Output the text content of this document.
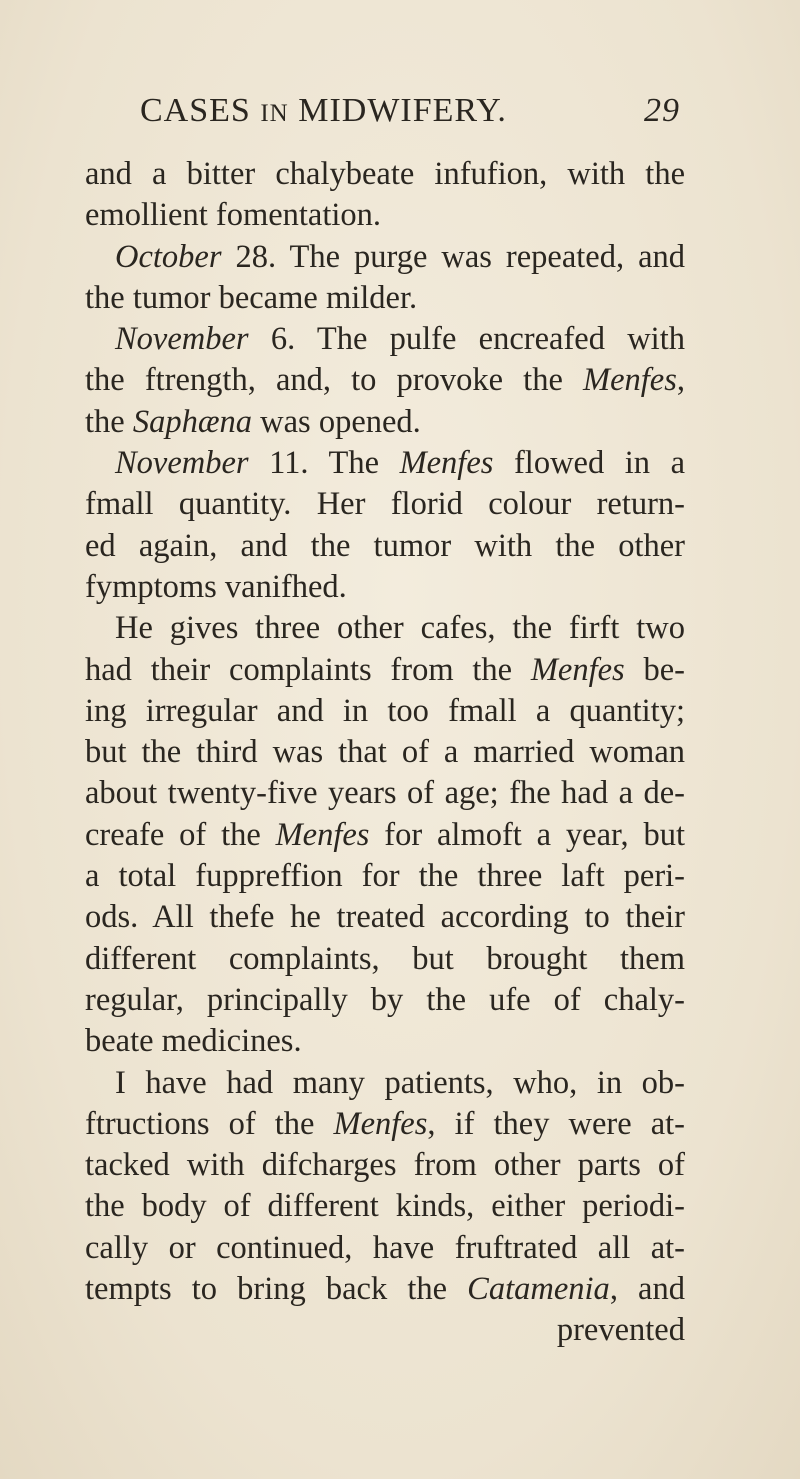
CASES IN MIDWIFERY.	29
and a bitter chalybeate infufion, with the
emollient fomentation.
October 28. The purge was repeated, and
the tumor became milder.
November 6. The pulfe encreafed with
the ftrength, and, to provoke the Menfes,
the Saphæna was opened.
November 11. The Menfes flowed in a
fmall quantity. Her florid colour return-
ed again, and the tumor with the other
fymptoms vanifhed.
He gives three other cafes, the firft two
had their complaints from the Menfes be-
ing irregular and in too fmall a quantity;
but the third was that of a married woman
about twenty-five years of age; fhe had a de-
creafe of the Menfes for almoft a year, but
a total fuppreffion for the three laft peri-
ods. All thefe he treated according to their
different complaints, but brought them
regular, principally by the ufe of chaly-
beate medicines.
I have had many patients, who, in ob-
ftructions of the Menfes, if they were at-
tacked with difcharges from other parts of
the body of different kinds, either periodi-
cally or continued, have fruftrated all at-
tempts to bring back the Catamenia, and
prevented
